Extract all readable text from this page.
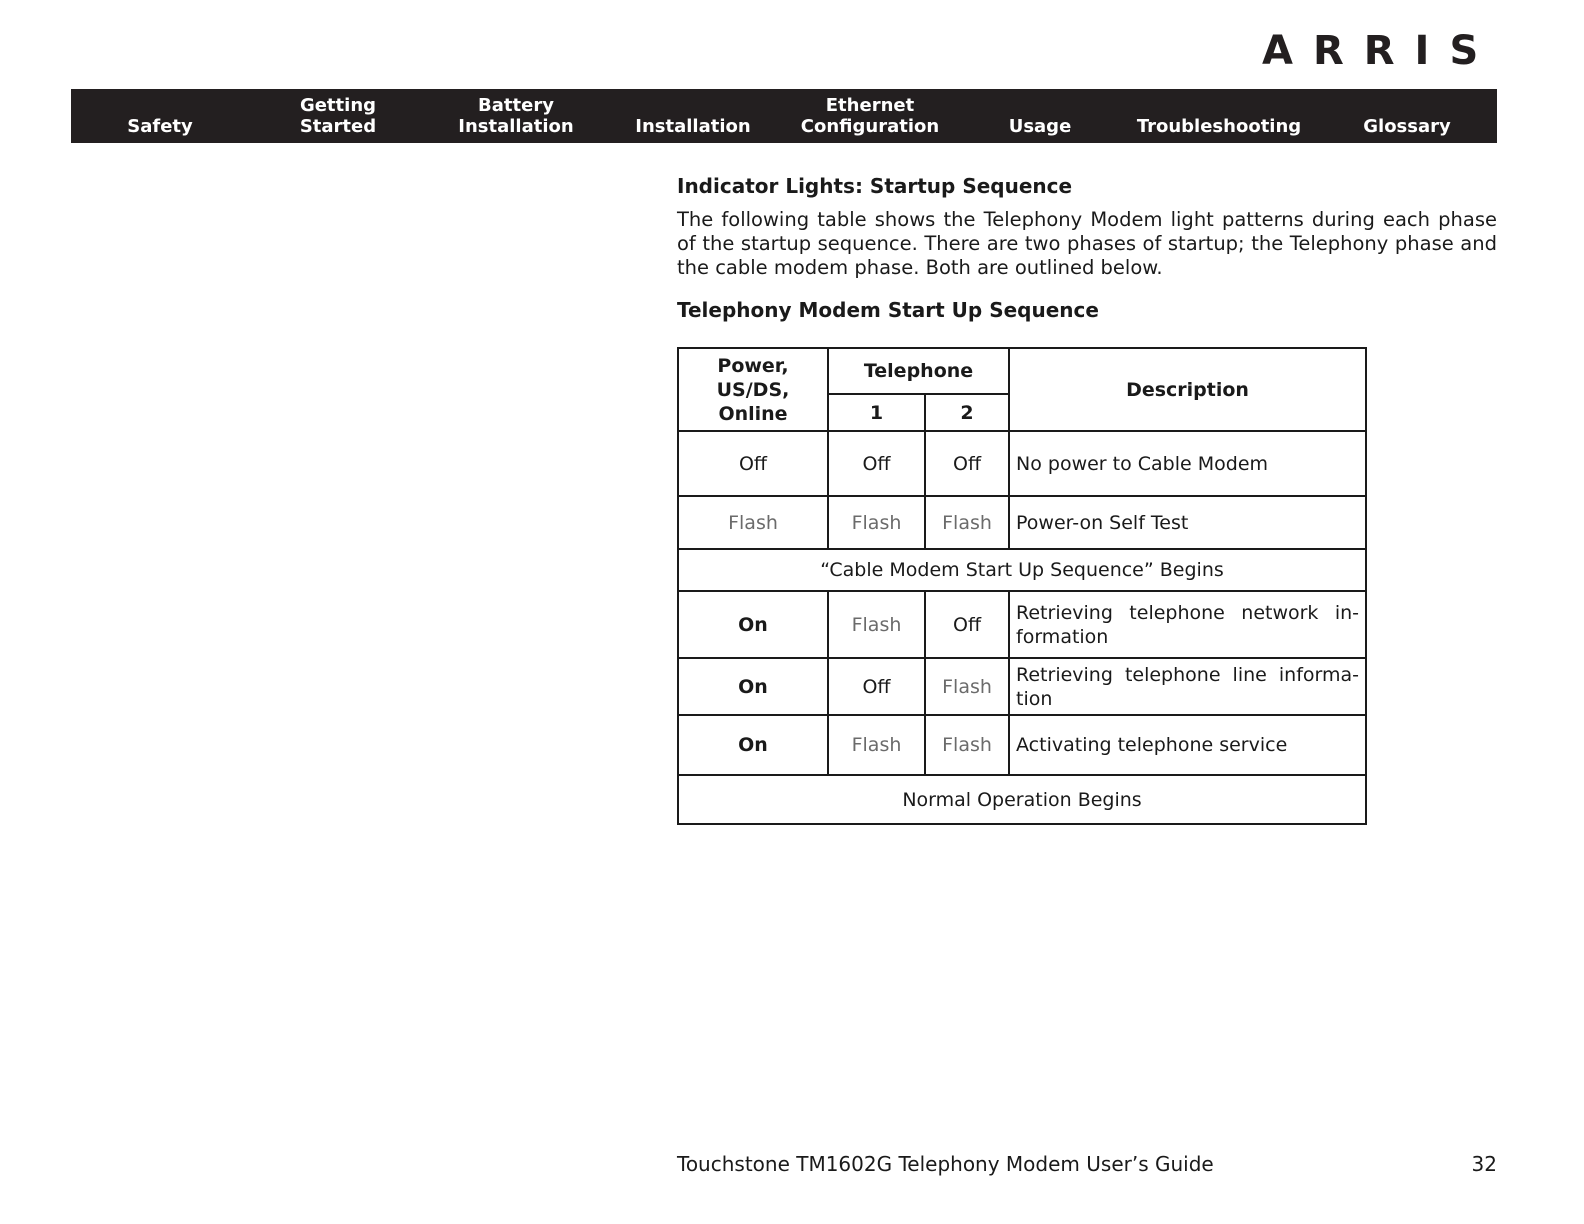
ARRIS
Safety
Getting
Started
Battery
Installation	Installation
Ethernet
Configuration	Usage	Troubleshooting	Glossary
Indicator Lights: Startup Sequence
The following table shows the Telephony Modem light patterns during each phase of the startup sequence. There are two phases of startup; the Telephony phase and the cable modem phase. Both are outlined below.
Telephony Modem Start Up Sequence
Power, US/DS, Online	Telephone		Description
	1	2	
Off	Off	Off	No power to Cable Modem
Flash	Flash	Flash	Power-on Self Test
“Cable Modem Start Up Sequence” Begins			
On	Flash	Off	Retrieving telephone network in- formation
On	Off	Flash	Retrieving telephone line informa- tion
On	Flash	Flash	Activating telephone service
Normal Operation Begins			
Touchstone TM1602G Telephony Modem User’s Guide	32
